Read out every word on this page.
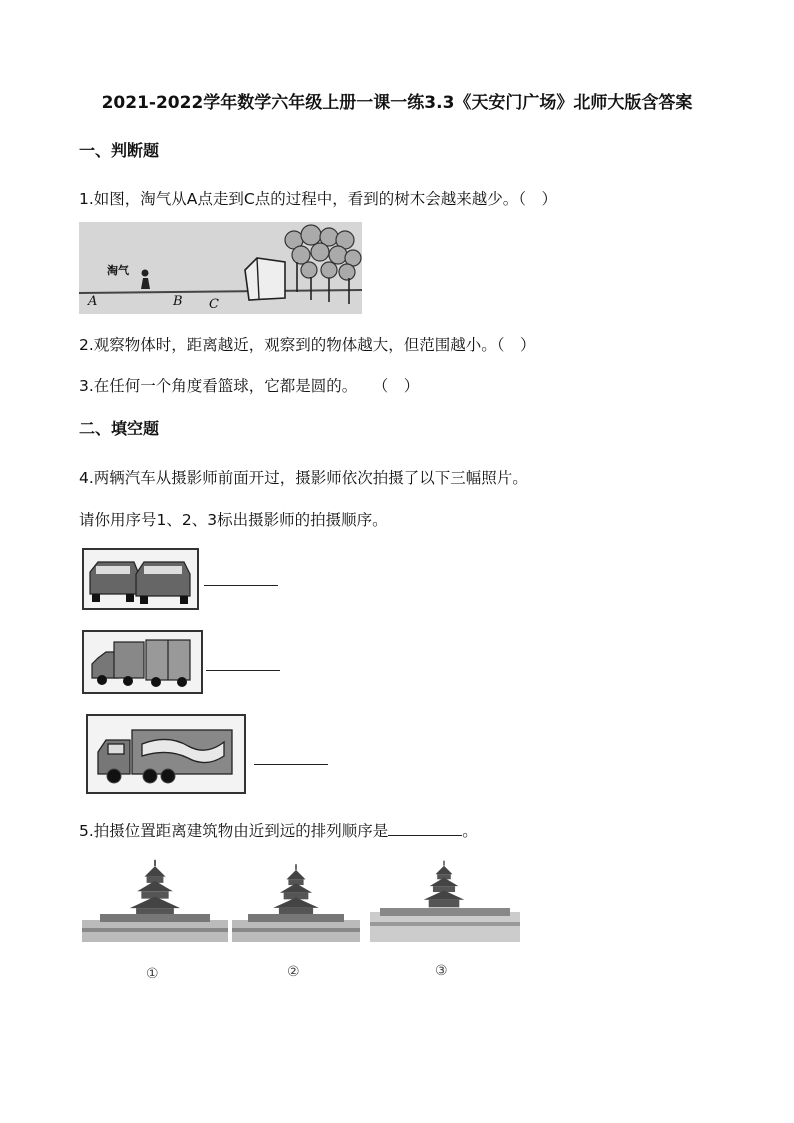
2021-2022学年数学六年级上册一课一练3.3《天安门广场》北师大版含答案
一、判断题
1.如图，淘气从A点走到C点的过程中，看到的树木会越来越少。（　）
淘气
A	B C
2.观察物体时，距离越近，观察到的物体越大，但范围越小。（　）
3.在任何一个角度看篮球，它都是圆的。　　（　）
二、填空题
4.两辆汽车从摄影师前面开过，摄影师依次拍摄了以下三幅照片。
请你用序号1、2、3标出摄影师的拍摄顺序。
5.拍摄位置距离建筑物由近到远的排列顺序是	。
①	②	③
